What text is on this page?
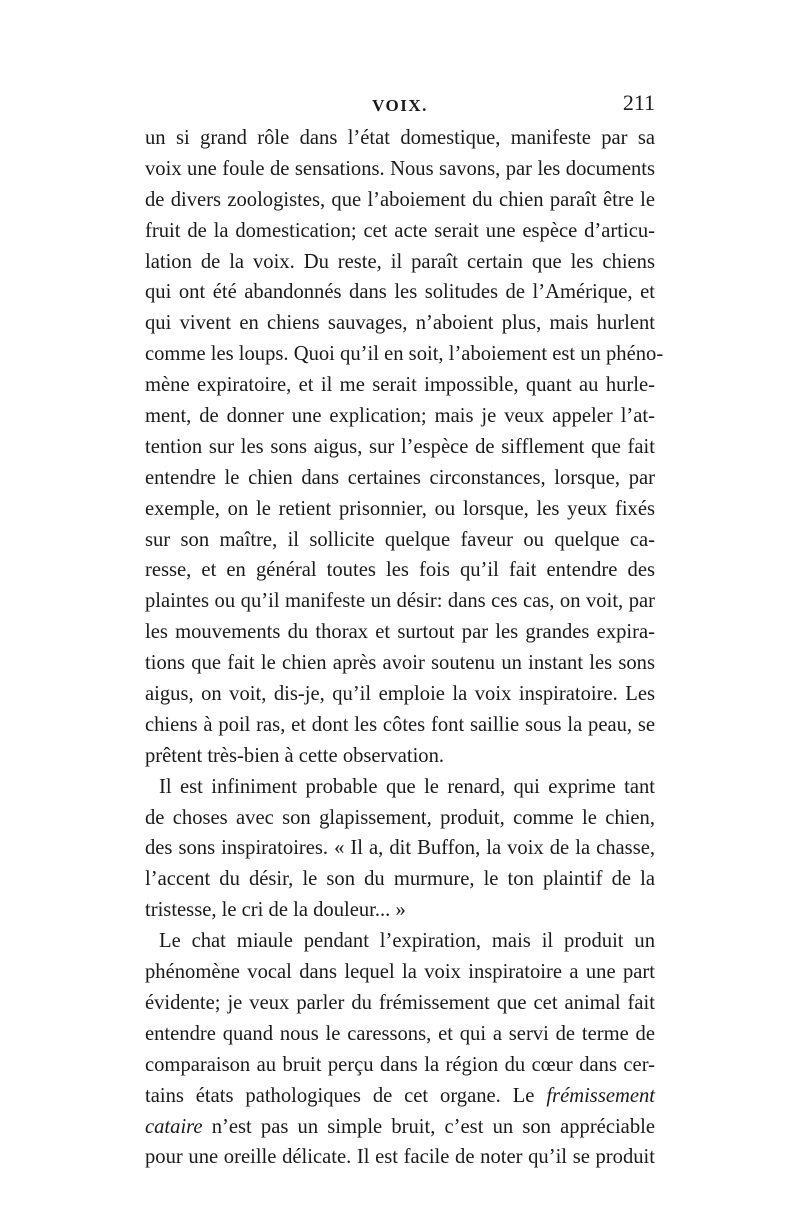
VOIX.	211
un si grand rôle dans l’état domestique, manifeste par sa
voix une foule de sensations. Nous savons, par les documents
de divers zoologistes, que l’aboiement du chien paraît être le
fruit de la domestication; cet acte serait une espèce d’articu-
lation de la voix. Du reste, il paraît certain que les chiens
qui ont été abandonnés dans les solitudes de l’Amérique, et
qui vivent en chiens sauvages, n’aboient plus, mais hurlent
comme les loups. Quoi qu’il en soit, l’aboiement est un phéno-
mène expiratoire, et il me serait impossible, quant au hurle-
ment, de donner une explication; mais je veux appeler l’at-
tention sur les sons aigus, sur l’espèce de sifflement que fait
entendre le chien dans certaines circonstances, lorsque, par
exemple, on le retient prisonnier, ou lorsque, les yeux fixés
sur son maître, il sollicite quelque faveur ou quelque ca-
resse, et en général toutes les fois qu’il fait entendre des
plaintes ou qu’il manifeste un désir: dans ces cas, on voit, par
les mouvements du thorax et surtout par les grandes expira-
tions que fait le chien après avoir soutenu un instant les sons
aigus, on voit, dis-je, qu’il emploie la voix inspiratoire. Les
chiens à poil ras, et dont les côtes font saillie sous la peau, se
prêtent très-bien à cette observation.
Il est infiniment probable que le renard, qui exprime tant
de choses avec son glapissement, produit, comme le chien,
des sons inspiratoires. « Il a, dit Buffon, la voix de la chasse,
l’accent du désir, le son du murmure, le ton plaintif de la
tristesse, le cri de la douleur... »
Le chat miaule pendant l’expiration, mais il produit un
phénomène vocal dans lequel la voix inspiratoire a une part
évidente; je veux parler du frémissement que cet animal fait
entendre quand nous le caressons, et qui a servi de terme de
comparaison au bruit perçu dans la région du cœur dans cer-
tains états pathologiques de cet organe. Le frémissement
cataire n’est pas un simple bruit, c’est un son appréciable
pour une oreille délicate. Il est facile de noter qu’il se produit
